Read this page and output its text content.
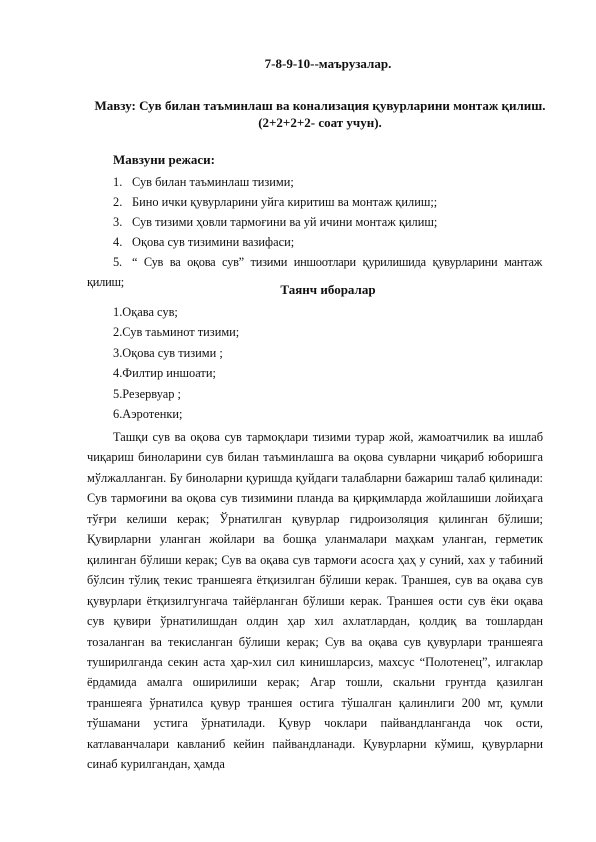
7-8-9-10--маърузалар.
Мавзу: Сув билан таъминлаш ва конализация қувурларини монтаж қилиш. (2+2+2+2- соат учун).
Мавзуни режаси:
1. Сув билан таъминлаш тизими;
2. Бино ички қувурларини уйга киритиш ва монтаж қилиш;;
3. Сув тизими ҳовли тармоғини ва уй ичини монтаж қилиш;
4. Оқова сув тизимини вазифаси;
5. “ Сув ва оқова сув” тизими иншоотлари қурилишида қувурларини мантаж қилиш;	Таянч иборалар
1.Оқава сув;
2.Сув таьминот тизими;
3.Оқова сув тизими ;
4.Филтир иншоати;
5.Резервуар ;
6.Аэротенки;

Ташқи сув ва оқова сув тармоқлари тизими турар жой, жамоатчилик ва ишлаб чиқариш биноларини сув билан таъминлашга ва оқова сувларни чиқариб юборишга мўлжалланган. Бу биноларни қуришда қуйдаги талабларни бажариш талаб қилинади: Сув тармоғини ва оқова сув тизимини планда ва қирқимларда жойлашиши лойиҳага тўғри келиши керак; Ўрнатилган қувурлар гидроизоляция қилинган бўлиши; Қувирларни уланган жойлари ва бошқа уланмалари маҳкам уланган, герметик қилинган бўлиши керак; Сув ва оқава сув тармоғи асосга ҳаҳ у суний, хах у табиний бўлсин тўлиқ текис траншеяга ётқизилган бўлиши керак. Траншея, сув ва оқава сув қувурлари ётқизилгунгача тайёрланган бўлиши керак. Траншея ости сув ёки оқава сув қувири ўрнатилишдан олдин ҳар хил ахлатлардан, қолдиқ ва тошлардан тозаланган ва текисланган бўлиши керак; Сув ва оқава сув қувурлари траншеяга туширилганда секин аста ҳар-хил сил кинишларсиз, махсус “Полотенец”, илгаклар ёрдамида амалга оширилиши керак; Агар тошли, скальни грунтда қазилган траншеяга ўрнатилса қувур траншея остига тўшалган қалинлиги 200 мт, қумли тўшамани устига ўрнатилади. Қувур чоклари пайвандланганда чок ости, катлаванчалари кавланиб кейин пайвандланади. Қувурларни кўмиш, қувурларни синаб курилгандан, ҳамда
